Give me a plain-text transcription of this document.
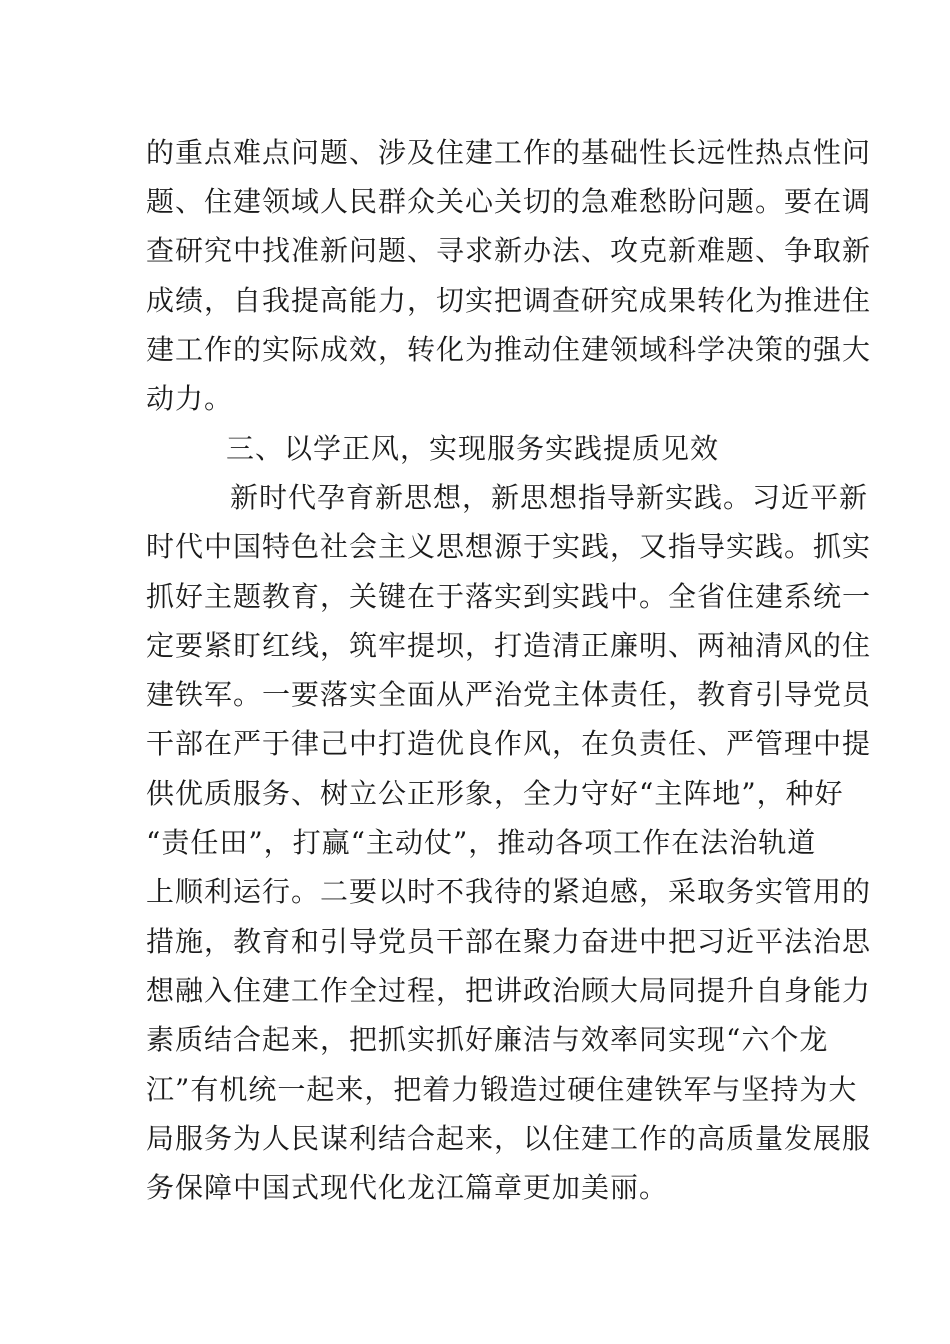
的重点难点问题、涉及住建工作的基础性长远性热点性问
题、住建领域人民群众关心关切的急难愁盼问题。要在调
查研究中找准新问题、寻求新办法、攻克新难题、争取新
成绩，自我提高能力，切实把调查研究成果转化为推进住
建工作的实际成效，转化为推动住建领域科学决策的强大
动力。
三、以学正风，实现服务实践提质见效
新时代孕育新思想，新思想指导新实践。习近平新
时代中国特色社会主义思想源于实践，又指导实践。抓实
抓好主题教育，关键在于落实到实践中。全省住建系统一
定要紧盯红线，筑牢提坝，打造清正廉明、两袖清风的住
建铁军。一要落实全面从严治党主体责任，教育引导党员
干部在严于律己中打造优良作风，在负责任、严管理中提
供优质服务、树立公正形象，全力守好“主阵地”，种好
“责任田”，打赢“主动仗”，推动各项工作在法治轨道
上顺利运行。二要以时不我待的紧迫感，采取务实管用的
措施，教育和引导党员干部在聚力奋进中把习近平法治思
想融入住建工作全过程，把讲政治顾大局同提升自身能力
素质结合起来，把抓实抓好廉洁与效率同实现“六个龙
江”有机统一起来，把着力锻造过硬住建铁军与坚持为大
局服务为人民谋利结合起来，以住建工作的高质量发展服
务保障中国式现代化龙江篇章更加美丽。
